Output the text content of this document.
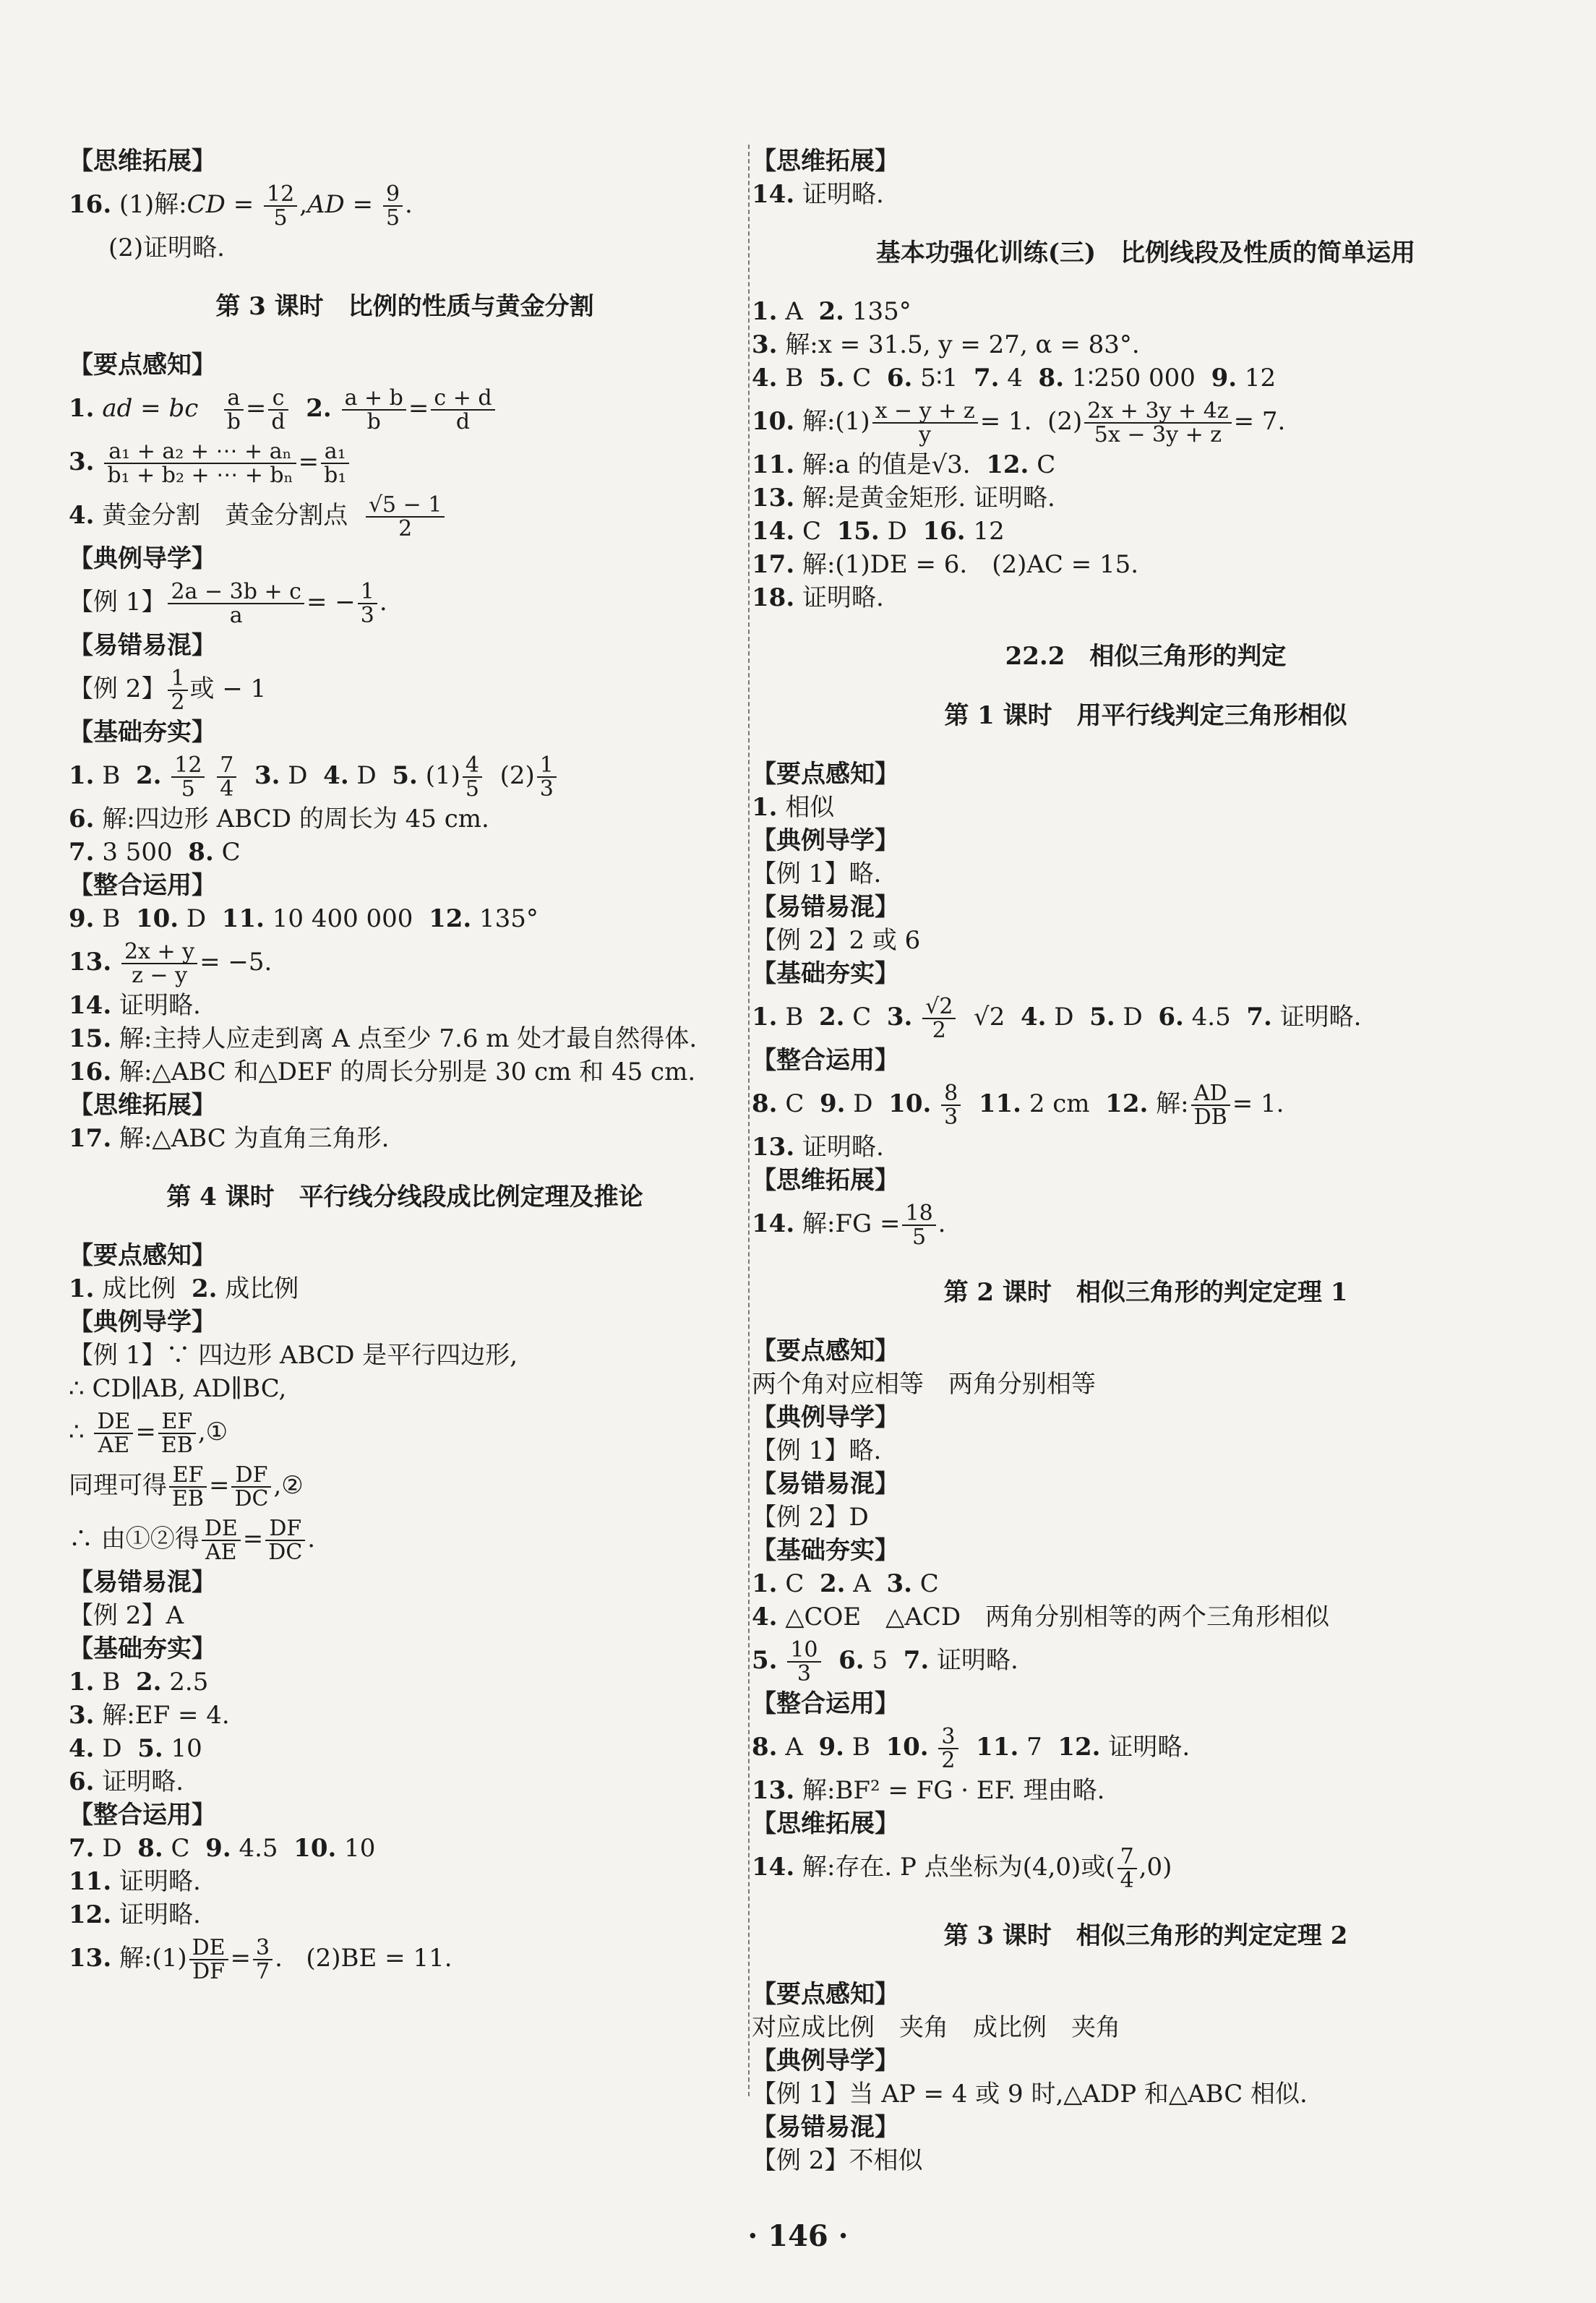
【思维拓展】

16. (1)解:CD = $\frac{12}{5} ,AD = \frac{9}{5}$ .

(2)证明略.

第 3 课时　比例的性质与黄金分割

【要点感知】

1. ad = bc $\frac{a}{b} = \frac{c}{d} 2$. $\frac{a + b}{b} = \frac{c + d}{d}$

3. $\frac{\text{a₁ + a₂ + ⋯ + aₙ}}{\text{b₁ + b₂ + ⋯ + bₙ}} = \frac{\text{a₁}}{\text{b₁}}$

4. 黄金分割　黄金分割点 $\frac{√5 - 1}{2}$

【典例导学】

【例 1】 $\frac{2a - 3b + c}{a}$ = − $\frac{1}{3}$ .

【易错易混】

【例 2】 $\frac{1}{2}$ 或 − 1

【基础夯实】

1. B 2. $\frac{12}{5}$
$\frac{7}{4} 3$. D 4. D 5. $(1) \frac{4}{5} (2) \frac{1}{3}$

6. 解:四边形 ABCD 的周长为 45 cm.

7. 3 500 8. C

【整合运用】

9. B 10. D 11. 10 400 000 12. 135°

13. $\frac{2x + y}{z - y} = -5$.

14. 证明略.

15. 解:主持人应走到离 A 点至少 7.6 m 处才最自然得体.

16. 解:△ABC 和△DEF 的周长分别是 30 cm 和 45 cm.

【思维拓展】

17. 解:△ABC 为直角三角形.

第 4 课时　平行线分线段成比例定理及推论

【要点感知】

1. 成比例 2. 成比例

【典例导学】

【例 1】∵ 四边形 ABCD 是平行四边形,

∴ CD∥AB, AD∥BC,

∴ $\frac{DE}{AE} = \frac{EF}{EB}$ ,①

同理可得 $\frac{EF}{EB} = \frac{DF}{DC}$ ,②

∴ 由①②得 $\frac{DE}{AE} = \frac{DF}{DC}$ .

【易错易混】

【例 2】A

【基础夯实】

1. B 2. 2.5

3. 解:EF = 4.

4. D 5. 10

6. 证明略.

【整合运用】

7. D 8. C 9. 4.5 10. 10

11. 证明略.

12. 证明略.

13. 解:(1) $\frac{DE}{DF} = \frac{3}{7}$ . (2)BE = 11.

【思维拓展】

14. 证明略.

基本功强化训练(三)　比例线段及性质的简单运用

1. A 2. 135°

3. 解:x = 31.5, y = 27, α = 83°.

4. B 5. C 6. 5∶1 7. 4 8. 1∶250 000 9. 12

10. 解:(1) $\frac{x - y + z}{y} = 1$. $(2) \frac{2x + 3y + 4z}{5x - 3y + z} = 7$.

11. 解:a 的值是√3. 12. C

13. 解:是黄金矩形. 证明略.

14. C 15. D 16. 12

17. 解:(1)DE = 6.　(2)AC = 15.

18. 证明略.

22.2　相似三角形的判定

第 1 课时　用平行线判定三角形相似

【要点感知】

1. 相似

【典例导学】

【例 1】略.

【易错易混】

【例 2】2 或 6

【基础夯实】

1. B 2. C 3. $\frac{√2}{2} √2$ 4. D 5. D 6. 4.5 7. 证明略.

【整合运用】

8. C 9. D 10. $\frac{8}{3} 11$. 2 cm 12. 解: $\frac{AD}{DB} = 1$.

13. 证明略.

【思维拓展】

14. 解:FG = $\frac{18}{5}$ .

第 2 课时　相似三角形的判定定理 1

【要点感知】

两个角对应相等　两角分别相等

【典例导学】

【例 1】略.

【易错易混】

【例 2】D

【基础夯实】

1. C 2. A 3. C

4. △COE　△ACD　两角分别相等的两个三角形相似

5. $\frac{10}{3} 6$. 5 7. 证明略.

【整合运用】

8. A 9. B 10. $\frac{3}{2} 11$. 7 12. 证明略.

13. 解:BF² = FG · EF. 理由略.

【思维拓展】

14. 解:存在. P 点坐标为(4,0)或( $\frac{7}{4} ,0$)

第 3 课时　相似三角形的判定定理 2

【要点感知】

对应成比例　夹角　成比例　夹角

【典例导学】

【例 1】当 AP = 4 或 9 时,△ADP 和△ABC 相似.

【易错易混】

【例 2】不相似

· 146 ·
